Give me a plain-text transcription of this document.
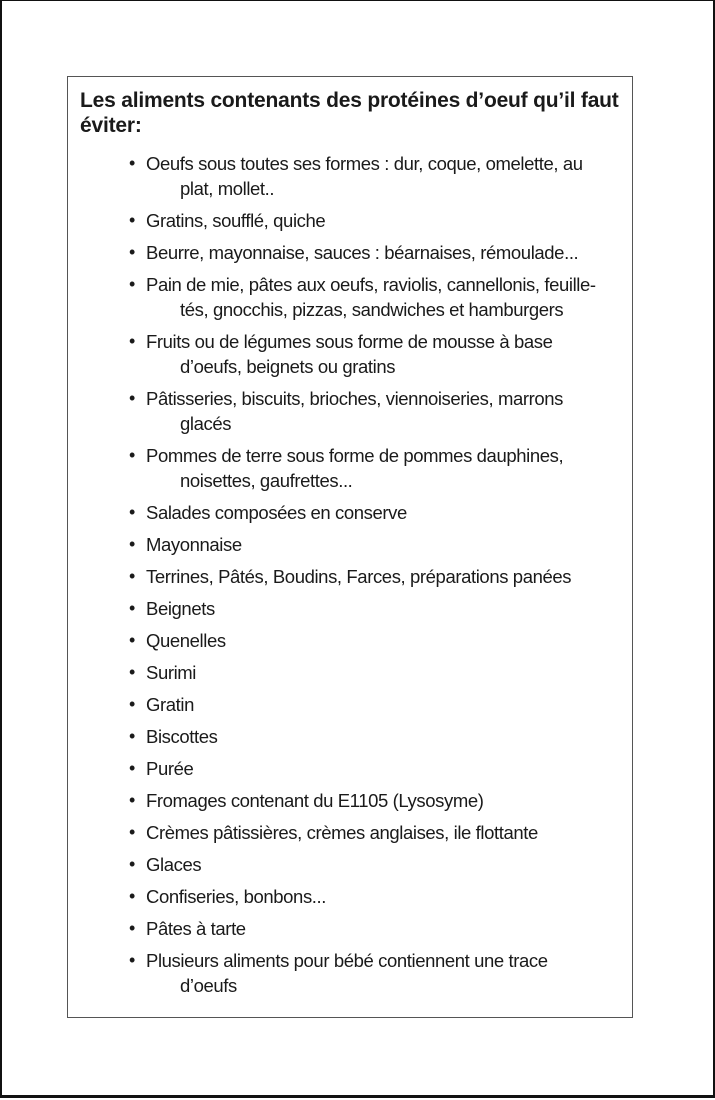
Les aliments contenants des protéines d’oeuf qu’il faut éviter:
• Oeufs sous toutes ses formes : dur, coque, omelette, au
plat, mollet..
• Gratins, soufflé, quiche
• Beurre, mayonnaise, sauces : béarnaises, rémoulade...
• Pain de mie, pâtes aux oeufs, raviolis, cannellonis, feuille-
tés, gnocchis, pizzas, sandwiches et hamburgers
• Fruits ou de légumes sous forme de mousse à base
d’oeufs, beignets ou gratins
• Pâtisseries, biscuits, brioches, viennoiseries, marrons
glacés
• Pommes de terre sous forme de pommes dauphines,
noisettes, gaufrettes...
• Salades composées en conserve
• Mayonnaise
• Terrines, Pâtés, Boudins, Farces, préparations panées
• Beignets
• Quenelles
• Surimi
• Gratin
• Biscottes
• Purée
• Fromages contenant du E1105 (Lysosyme)
• Crèmes pâtissières, crèmes anglaises, ile flottante
• Glaces
• Confiseries, bonbons...
• Pâtes à tarte
• Plusieurs aliments pour bébé contiennent une trace
d’oeufs
